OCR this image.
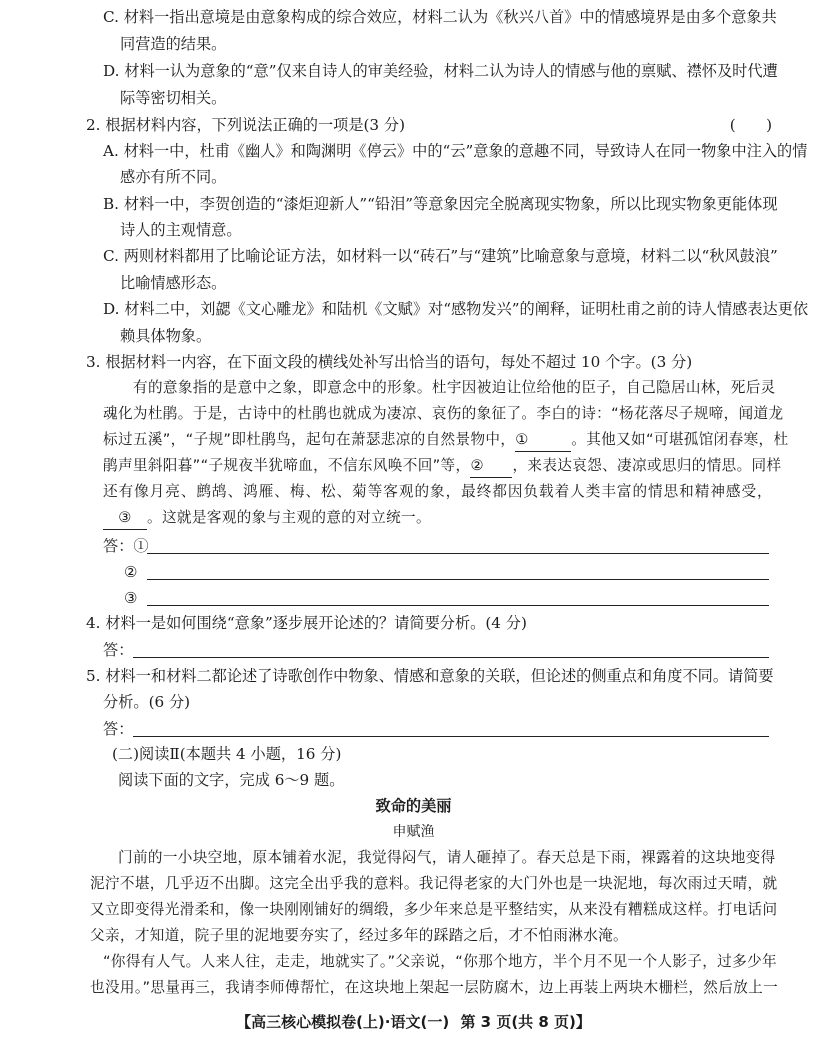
C. 材料一指出意境是由意象构成的综合效应，材料二认为《秋兴八首》中的情感境界是由多个意象共
同营造的结果。
D. 材料一认为意象的“意”仅来自诗人的审美经验，材料二认为诗人的情感与他的禀赋、襟怀及时代遭
际等密切相关。
2. 根据材料内容，下列说法正确的一项是(3 分)	(　　)
A. 材料一中，杜甫《幽人》和陶渊明《停云》中的“云”意象的意趣不同，导致诗人在同一物象中注入的情
感亦有所不同。
B. 材料一中，李贺创造的“漆炬迎新人”“铅泪”等意象因完全脱离现实物象，所以比现实物象更能体现
诗人的主观情意。
C. 两则材料都用了比喻论证方法，如材料一以“砖石”与“建筑”比喻意象与意境，材料二以“秋风鼓浪”
比喻情感形态。
D. 材料二中，刘勰《文心雕龙》和陆机《文赋》对“感物发兴”的阐释，证明杜甫之前的诗人情感表达更依
赖具体物象。
3. 根据材料一内容，在下面文段的横线处补写出恰当的语句，每处不超过 10 个字。(3 分)
有的意象指的是意中之象，即意念中的形象。杜宇因被迫让位给他的臣子，自己隐居山林，死后灵
魂化为杜鹃。于是，古诗中的杜鹃也就成为凄凉、哀伤的象征了。李白的诗：“杨花落尽子规啼，闻道龙
标过五溪”，“子规”即杜鹃鸟，起句在萧瑟悲凉的自然景物中，①	。其他又如“可堪孤馆闭春寒，杜
鹃声里斜阳暮”“子规夜半犹啼血，不信东风唤不回”等，② ，来表达哀怨、凄凉或思归的情思。同样
还有像月亮、鹧鸪、鸿雁、梅、松、菊等客观的象，最终都因负载着人类丰富的情思和精神感受，
③ 。这就是客观的象与主观的意的对立统一。
答：①
②
③
4. 材料一是如何围绕“意象”逐步展开论述的？请简要分析。(4 分)
答：
5. 材料一和材料二都论述了诗歌创作中物象、情感和意象的关联，但论述的侧重点和角度不同。请简要
分析。(6 分)
答：
(二)阅读Ⅱ(本题共 4 小题，16 分)
阅读下面的文字，完成 6～9 题。
致命的美丽
申赋渔
门前的一小块空地，原本铺着水泥，我觉得闷气，请人砸掉了。春天总是下雨，裸露着的这块地变得
泥泞不堪，几乎迈不出脚。这完全出乎我的意料。我记得老家的大门外也是一块泥地，每次雨过天晴，就
又立即变得光滑柔和，像一块刚刚铺好的绸缎，多少年来总是平整结实，从来没有糟糕成这样。打电话问
父亲，才知道，院子里的泥地要夯实了，经过多年的踩踏之后，才不怕雨淋水淹。
“你得有人气。人来人往，走走，地就实了。”父亲说，“你那个地方，半个月不见一个人影子，过多少年
也没用。”思量再三，我请李师傅帮忙，在这块地上架起一层防腐木，边上再装上两块木栅栏，然后放上一
【高三核心模拟卷(上)·语文(一) 第 3 页(共 8 页)】
